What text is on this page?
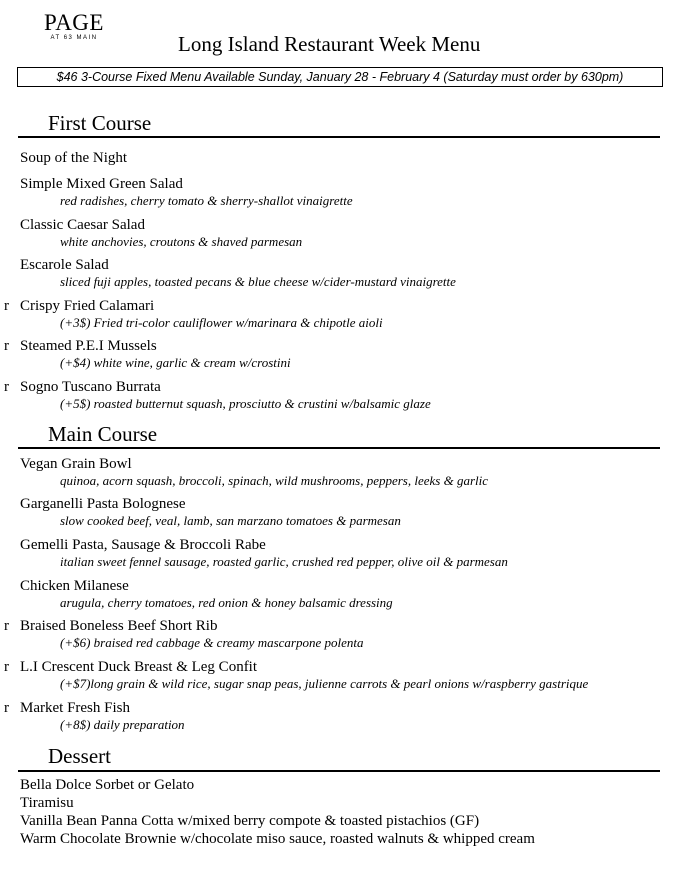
PAGE
AT 63 MAIN	Long Island Restaurant Week Menu
$46 3-Course Fixed Menu Available Sunday, January 28 - February 4 (Saturday must order by 630pm)
First Course
Soup of the Night
Simple Mixed Green Salad
red radishes, cherry tomato & sherry-shallot vinaigrette
Classic Caesar Salad
white anchovies, croutons & shaved parmesan
Escarole Salad
sliced fuji apples, toasted pecans & blue cheese w/cider-mustard vinaigrette
r Crispy Fried Calamari
(+3$) Fried tri-color cauliflower w/marinara & chipotle aioli
r Steamed P.E.I Mussels
(+$4) white wine, garlic & cream w/crostini
r Sogno Tuscano Burrata
(+5$) roasted butternut squash, prosciutto & crustini w/balsamic glaze
Main Course
Vegan Grain Bowl
quinoa, acorn squash, broccoli, spinach, wild mushrooms, peppers, leeks & garlic
Garganelli Pasta Bolognese
slow cooked beef, veal, lamb, san marzano tomatoes & parmesan
Gemelli Pasta, Sausage & Broccoli Rabe
italian sweet fennel sausage, roasted garlic, crushed red pepper, olive oil & parmesan
Chicken Milanese
arugula, cherry tomatoes, red onion & honey balsamic dressing
r Braised Boneless Beef Short Rib
(+$6) braised red cabbage & creamy mascarpone polenta
r L.I Crescent Duck Breast & Leg Confit
(+$7)long grain & wild rice, sugar snap peas, julienne carrots & pearl onions w/raspberry gastrique
r Market Fresh Fish
(+8$) daily preparation
Dessert
Bella Dolce Sorbet or Gelato
Tiramisu
Vanilla Bean Panna Cotta w/mixed berry compote & toasted pistachios (GF)
Warm Chocolate Brownie w/chocolate miso sauce, roasted walnuts & whipped cream
